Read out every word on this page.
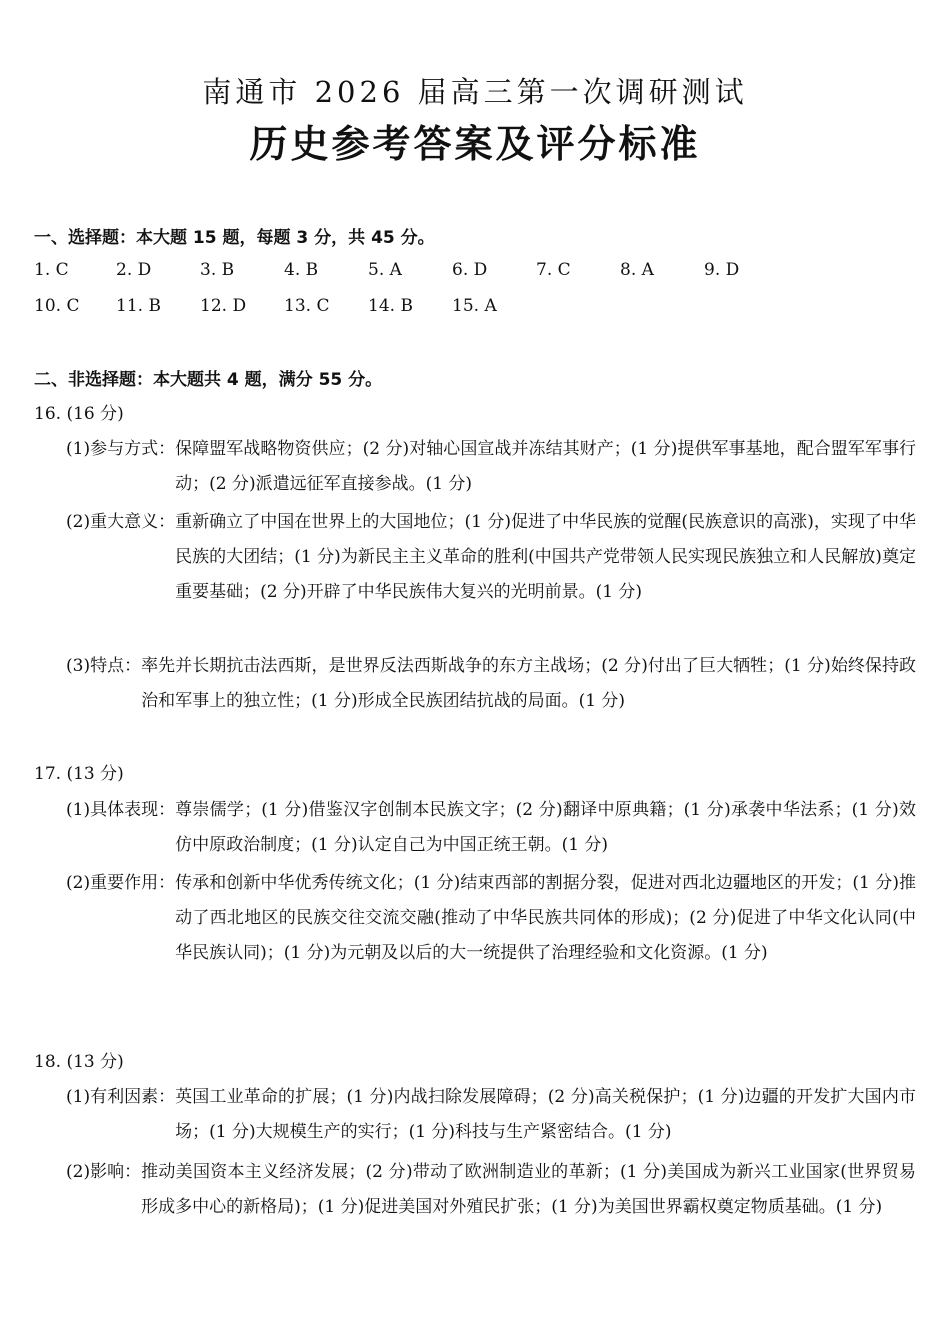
南通市 2026 届高三第一次调研测试
历史参考答案及评分标准
一、选择题：本大题 15 题，每题 3 分，共 45 分。
1. C	2. D	3. B	4. B	5. A	6. D	7. C	8. A	9. D
10. C 11. B 12. D 13. C 14. B 15. A
二、非选择题：本大题共 4 题，满分 55 分。
16. (16 分)
(1)参与方式： 保障盟军战略物资供应；(2 分)对轴心国宣战并冻结其财产；(1 分)提供军事基地，配合盟军军事行动；(2 分)派遣远征军直接参战。(1 分)
(2)重大意义： 重新确立了中国在世界上的大国地位；(1 分)促进了中华民族的觉醒(民族意识的高涨)，实现了中华民族的大团结；(1 分)为新民主主义革命的胜利(中国共产党带领人民实现民族独立和人民解放)奠定重要基础；(2 分)开辟了中华民族伟大复兴的光明前景。(1 分)
(3)特点： 率先并长期抗击法西斯，是世界反法西斯战争的东方主战场；(2 分)付出了巨大牺牲；(1 分)始终保持政治和军事上的独立性；(1 分)形成全民族团结抗战的局面。(1 分)
17. (13 分)
(1)具体表现： 尊崇儒学；(1 分)借鉴汉字创制本民族文字；(2 分)翻译中原典籍；(1 分)承袭中华法系；(1 分)效仿中原政治制度；(1 分)认定自己为中国正统王朝。(1 分)
(2)重要作用： 传承和创新中华优秀传统文化；(1 分)结束西部的割据分裂，促进对西北边疆地区的开发；(1 分)推动了西北地区的民族交往交流交融(推动了中华民族共同体的形成)；(2 分)促进了中华文化认同(中华民族认同)；(1 分)为元朝及以后的大一统提供了治理经验和文化资源。(1 分)
18. (13 分)
(1)有利因素： 英国工业革命的扩展；(1 分)内战扫除发展障碍；(2 分)高关税保护；(1 分)边疆的开发扩大国内市场；(1 分)大规模生产的实行；(1 分)科技与生产紧密结合。(1 分)
(2)影响： 推动美国资本主义经济发展；(2 分)带动了欧洲制造业的革新；(1 分)美国成为新兴工业国家(世界贸易形成多中心的新格局)；(1 分)促进美国对外殖民扩张；(1 分)为美国世界霸权奠定物质基础。(1 分)
